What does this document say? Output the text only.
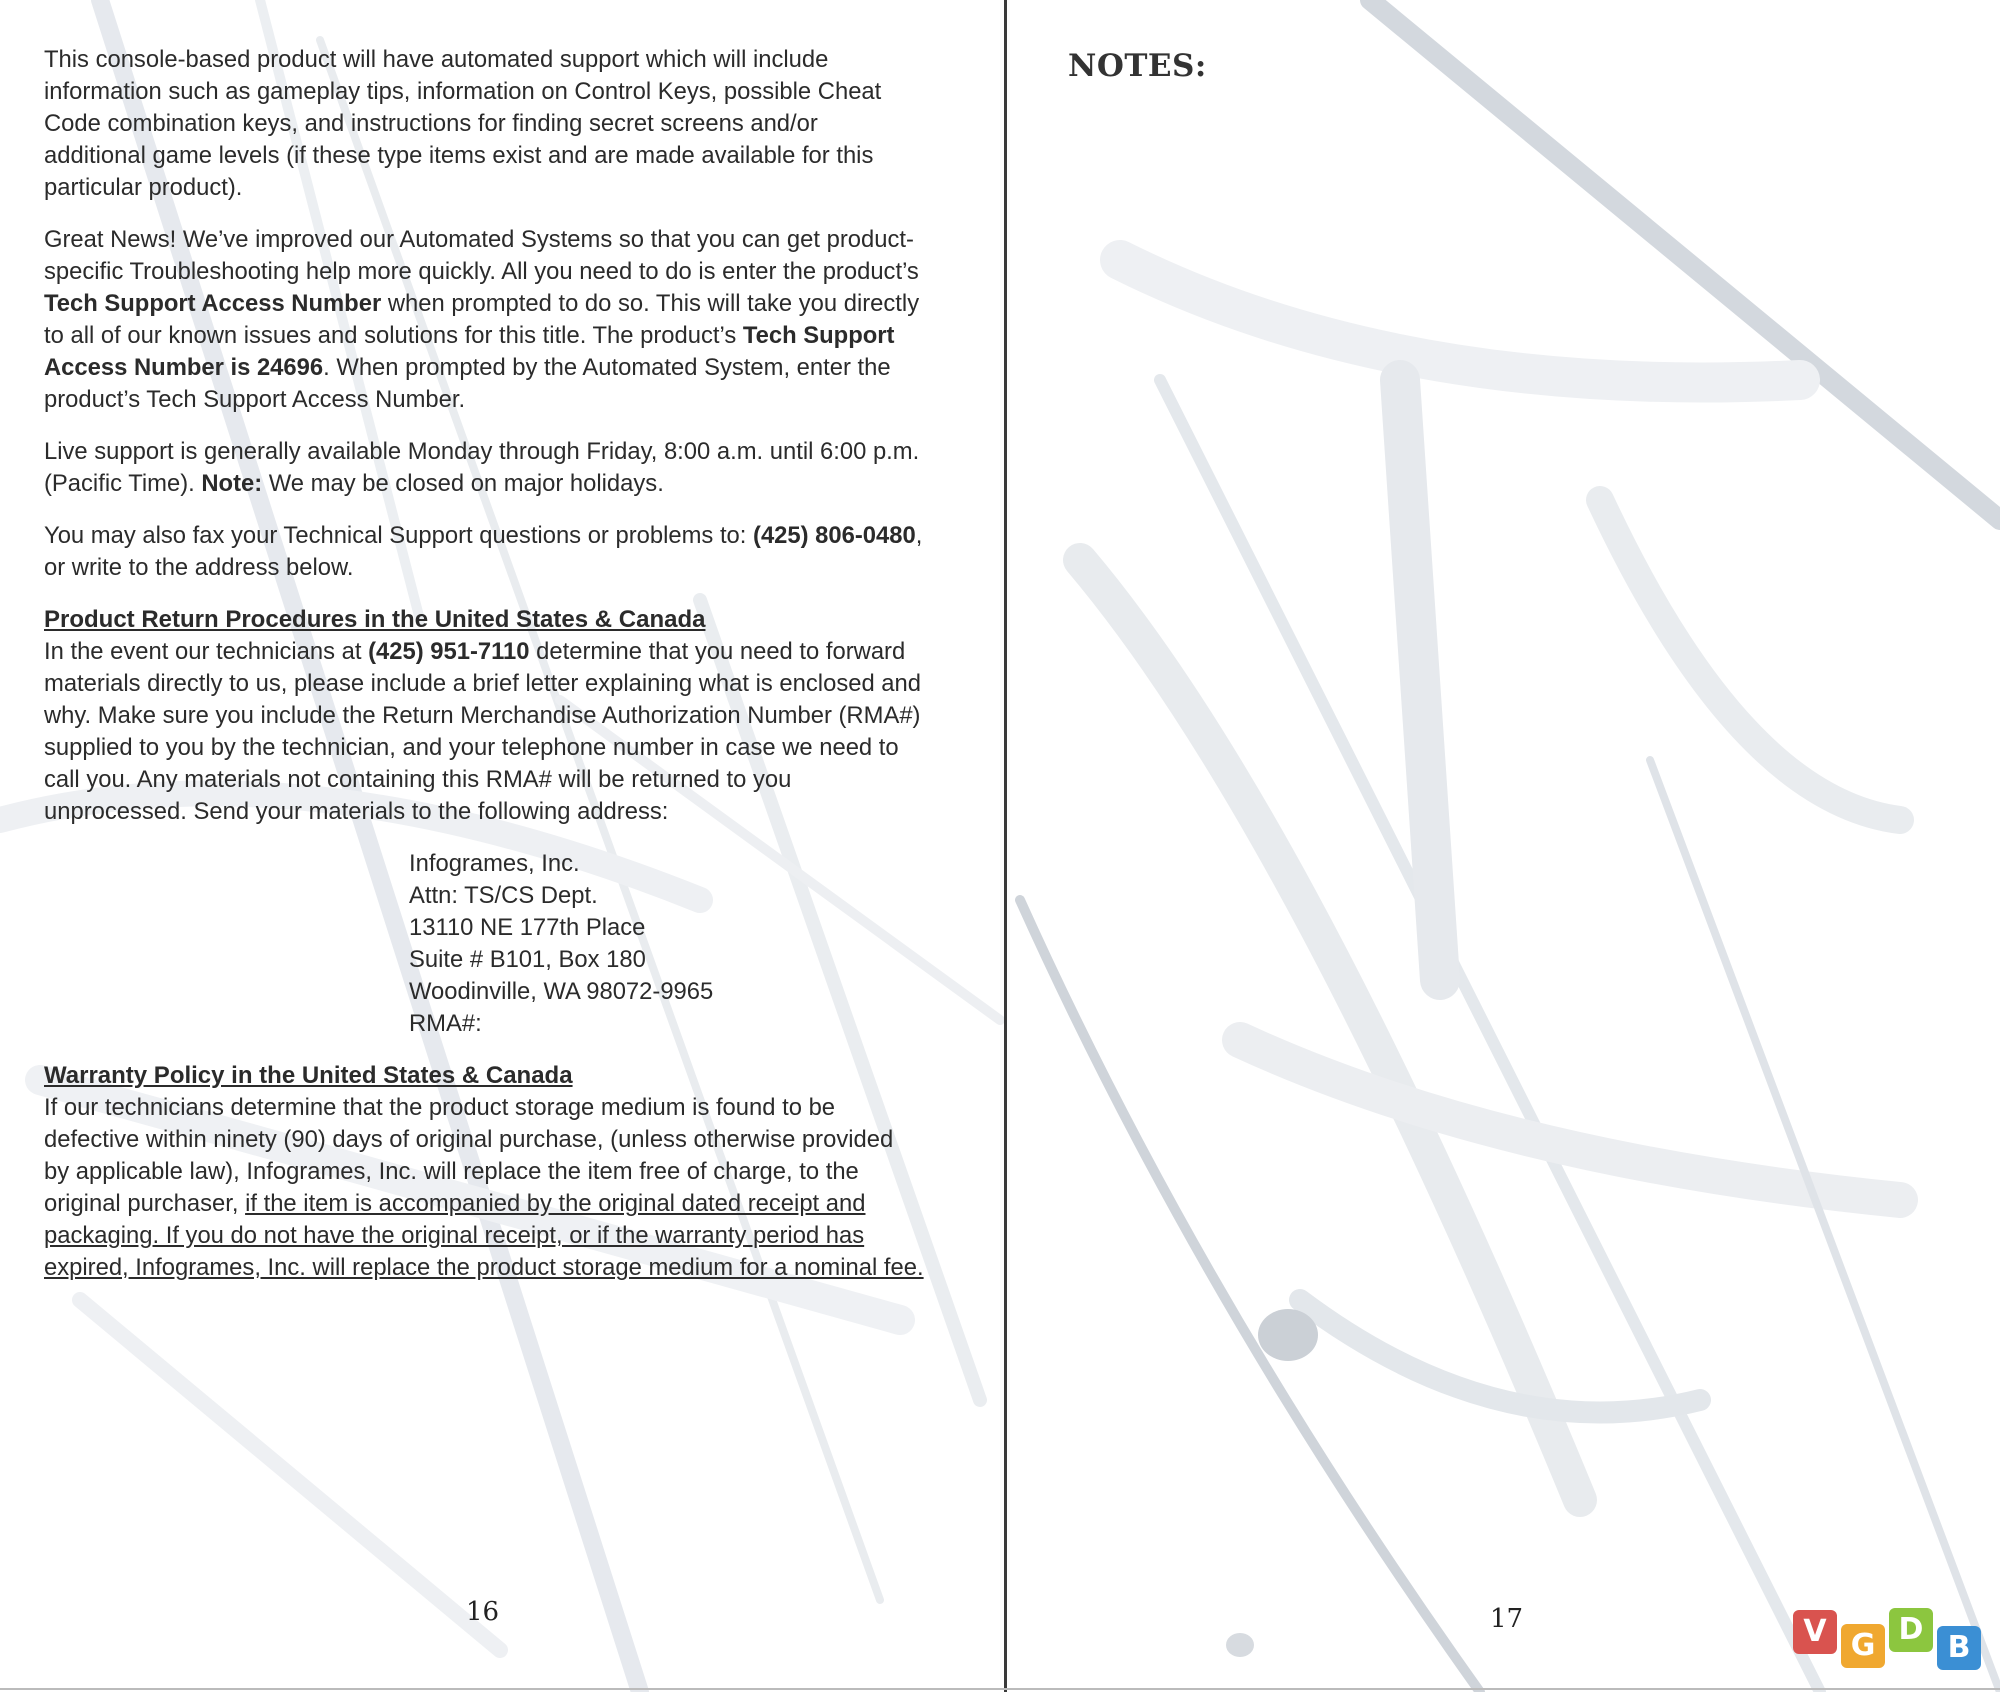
This console-based product will have automated support which will include information such as gameplay tips, information on Control Keys, possible Cheat Code combination keys, and instructions for finding secret screens and/or additional game levels (if these type items exist and are made available for this particular product).

Great News! We’ve improved our Automated Systems so that you can get product-specific Troubleshooting help more quickly. All you need to do is enter the product’s Tech Support Access Number when prompted to do so. This will take you directly to all of our known issues and solutions for this title. The product’s Tech Support Access Number is 24696. When prompted by the Automated System, enter the product’s Tech Support Access Number.

Live support is generally available Monday through Friday, 8:00 a.m. until 6:00 p.m. (Pacific Time). Note: We may be closed on major holidays.

You may also fax your Technical Support questions or problems to: (425) 806-0480, or write to the address below.

Product Return Procedures in the United States & Canada

In the event our technicians at (425) 951-7110 determine that you need to forward materials directly to us, please include a brief letter explaining what is enclosed and why. Make sure you include the Return Merchandise Authorization Number (RMA#) supplied to you by the technician, and your telephone number in case we need to call you. Any materials not containing this RMA# will be returned to you unprocessed. Send your materials to the following address:

Infogrames, Inc.
Attn: TS/CS Dept.
13110 NE 177th Place
Suite # B101, Box 180
Woodinville, WA 98072-9965
RMA#:

Warranty Policy in the United States & Canada

If our technicians determine that the product storage medium is found to be defective within ninety (90) days of original purchase, (unless otherwise provided by applicable law), Infogrames, Inc. will replace the item free of charge, to the original purchaser, if the item is accompanied by the original dated receipt and packaging. If you do not have the original receipt, or if the warranty period has expired, Infogrames, Inc. will replace the product storage medium for a nominal fee.

16
NOTES:
17	V G D
B
